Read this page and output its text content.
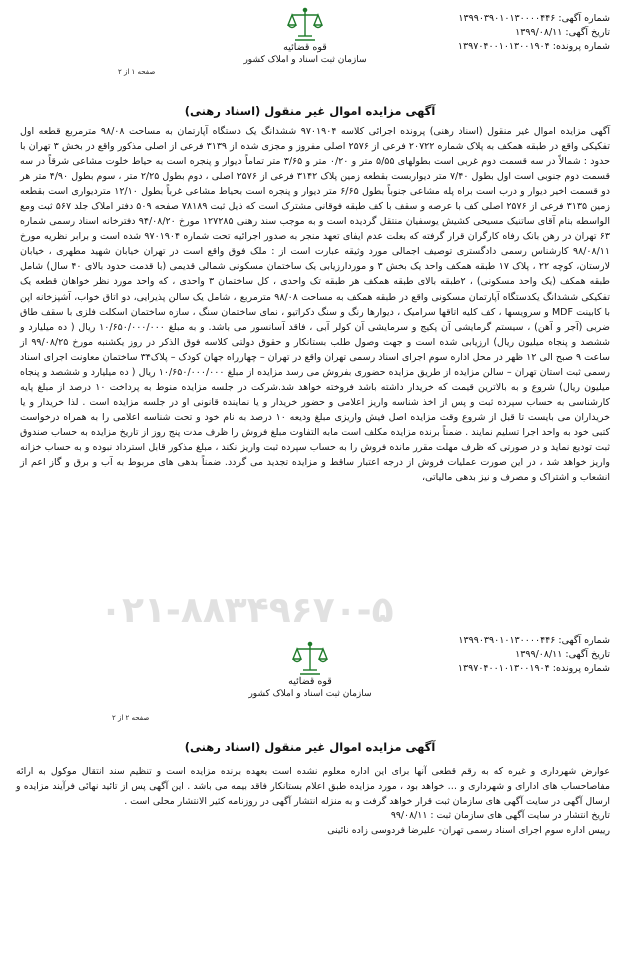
شماره آگهی: ۱۳۹۹۰۳۹۰۱۰۱۳۰۰۰۰۴۴۶
تاریخ آگهی: ۱۳۹۹/۰۸/۱۱
شماره پرونده: ۱۳۹۷۰۴۰۰۱۰۱۳۰۰۱۹۰۴
قوه قضائیه
سازمان ثبت اسناد و املاک کشور
صفحه ۱ از ۲
آگهی مزایده اموال غیر منقول (اسناد رهنی)
آگهی مزایده اموال غیر منقول (اسناد رهنی) پرونده اجرائی کلاسه ۹۷۰۱۹۰۴ ششدانگ یک دستگاه آپارتمان به مساحت ۹۸/۰۸ مترمربع قطعه اول تفکیکی واقع در طبقه همکف به پلاک شماره ۲۰۷۲۲ فرعی از ۲۵۷۶ اصلی مفروز و مجزی شده از ۳۱۳۹ فرعی از اصلی مذکور واقع در بخش ۳ تهران با حدود : شمالاً در سه قسمت دوم غربی است بطولهای ۵/۵۵ متر و ۰/۲۰ متر و ۳/۶۵ متر تماماً دیوار و پنجره است به حیاط خلوت مشاعی شرقاً در سه قسمت دوم جنوبی است اول بطول ۷/۴۰ متر دیواربست بقطعه زمین پلاک ۳۱۴۲ فرعی از ۲۵۷۶ اصلی ، دوم بطول ۲/۲۵ متر ، سوم بطول ۴/۹۰ متر هر دو قسمت اخیر دیوار و درب است براه پله مشاعی جنوباً بطول ۶/۶۵ متر دیوار و پنجره است بحیاط مشاعی غرباً بطول ۱۲/۱۰ متردیواری است بقطعه زمین ۳۱۳۵ فرعی از ۲۵۷۶ اصلی کف با عرصه و سقف با کف طبقه فوقانی مشترک است که ذیل ثبت ۷۸۱۸۹ صفحه ۵۰۹ دفتر املاک جلد ۵۶۷ ثبت ومع الواسطه بنام آقای ساتنیک مسیحی کشیش یوسفیان منتقل گردیده است و به موجب سند رهنی ۱۲۷۲۸۵ مورخ ۹۴/۰۸/۲۰ دفترخانه اسناد رسمی شماره ۶۳ تهران در رهن بانک رفاه کارگران قرار گرفته که بعلت عدم ایفای تعهد منجر به صدور اجرائیه تحت شماره ۹۷۰۱۹۰۴ شده است و برابر نظریه مورخ ۹۸/۰۸/۱۱ کارشناس رسمی دادگستری توصیف اجمالی مورد وثیقه عبارت است از : ملک فوق واقع است در تهران خیابان شهید مطهری ، خیابان لارستان، کوچه ۲۲ ، پلاک ۱۷ طبقه همکف واحد یک بخش ۳ و موردارزیابی یک ساختمان مسکونی شمالی قدیمی (با قدمت حدود بالای ۴۰ سال) شامل طبقه همکف (یک واحد مسکونی) ، ۲طبقه بالای طبقه همکف هر طبقه تک واحدی ، کل ساختمان ۳ واحدی ، که واحد مورد نظر خواهان قطعه یک تفکیکی ششدانگ یکدستگاه آپارتمان مسکونی واقع در طبقه همکف به مساحت ۹۸/۰۸ مترمربع ، شامل یک سالن پذیرایی، دو اتاق خواب، آشپزخانه اپن با کابینت MDF و سرویسها ، کف کلیه اتاقها سرامیک ، دیوارها رنگ و سنگ دکراتیو ، نمای ساختمان سنگ ، سازه ساختمان اسکلت فلزی با سقف طاق ضربی (آجر و آهن) ، سیستم گرمایشی آن پکیج و سرمایشی آن کولر آبی ، فاقد آسانسور می باشد. و به مبلغ ۱۰/۶۵۰/۰۰۰/۰۰۰ ریال ( ده میلیارد و ششصد و پنجاه میلیون ریال) ارزیابی شده است و جهت وصول طلب بستانکار و حقوق دولتی کلاسه فوق الذکر در روز یکشنبه مورخ ۹۹/۰۸/۲۵ از ساعت ۹ صبح الی ۱۲ ظهر در محل اداره سوم اجرای اسناد رسمی تهران واقع در تهران – چهارراه جهان کودک – پلاک۳۴ ساختمان معاونت اجرای اسناد رسمی ثبت استان تهران – سالن مزایده از طریق مزایده حضوری بفروش می رسد مزایده از مبلغ ۱۰/۶۵۰/۰۰۰/۰۰۰ ریال ( ده میلیارد و ششصد و پنجاه میلیون ریال) شروع و به بالاترین قیمت که خریدار داشته باشد فروخته خواهد شد.شرکت در جلسه مزایده منوط به پرداخت ۱۰ درصد از مبلغ پایه کارشناسی به حساب سپرده ثبت و پس از اخذ شناسه واریز اعلامی و حضور خریدار و یا نماینده قانونی او در جلسه مزایده است . لذا خریدار و یا خریداران می بایست تا قبل از شروع وقت مزایده اصل فیش واریزی مبلغ ودیعه ۱۰ درصد به نام خود و تحت شناسه اعلامی را به همراه درخواست کتبی خود به واحد اجرا تسلیم نمایند . ضمناً برنده مزایده مکلف است مابه التفاوت مبلغ فروش را ظرف مدت پنج روز از تاریخ مزایده به حساب صندوق ثبت تودیع نماید و در صورتی که ظرف مهلت مقرر مانده فروش را به حساب سپرده ثبت واریز نکند ، مبلغ مذکور قابل استرداد نبوده و به حساب خزانه واریز خواهد شد ، در این صورت عملیات فروش از درجه اعتبار ساقط و مزایده تجدید می گردد. ضمناً بدهی های مربوط به آب و برق و گاز اعم از انشعاب و اشتراک و مصرف و نیز بدهی مالیاتی،
۰۲۱-۸۸۳۴۹۶۷۰-۵
شماره آگهی: ۱۳۹۹۰۳۹۰۱۰۱۳۰۰۰۰۴۴۶
تاریخ آگهی: ۱۳۹۹/۰۸/۱۱
شماره پرونده: ۱۳۹۷۰۴۰۰۱۰۱۳۰۰۱۹۰۴
قوه قضائیه
سازمان ثبت اسناد و املاک کشور
صفحه ۲ از ۲
آگهی مزایده اموال غیر منقول (اسناد رهنی)
عوارض شهرداری و غیره که به رقم قطعی آنها برای این اداره معلوم نشده است بعهده برنده مزایده است و تنظیم سند انتقال موکول به ارائه مفاصاحساب های ادارای و شهرداری و … خواهد بود ، مورد مزایده طبق اعلام بستانکار فاقد بیمه می باشد . این آگهی پس از تائید نهائی فرآیند مزایده و ارسال آگهی در سایت آگهی های سازمان ثبت قرار خواهد گرفت و به منزله انتشار آگهی در روزنامه کثیر الانتشار محلی است .
تاریخ انتشار در سایت آگهی های سازمان ثبت : ۹۹/۰۸/۱۱
رییس اداره سوم اجرای اسناد رسمی تهران- علیرضا فردوسی زاده نائینی
